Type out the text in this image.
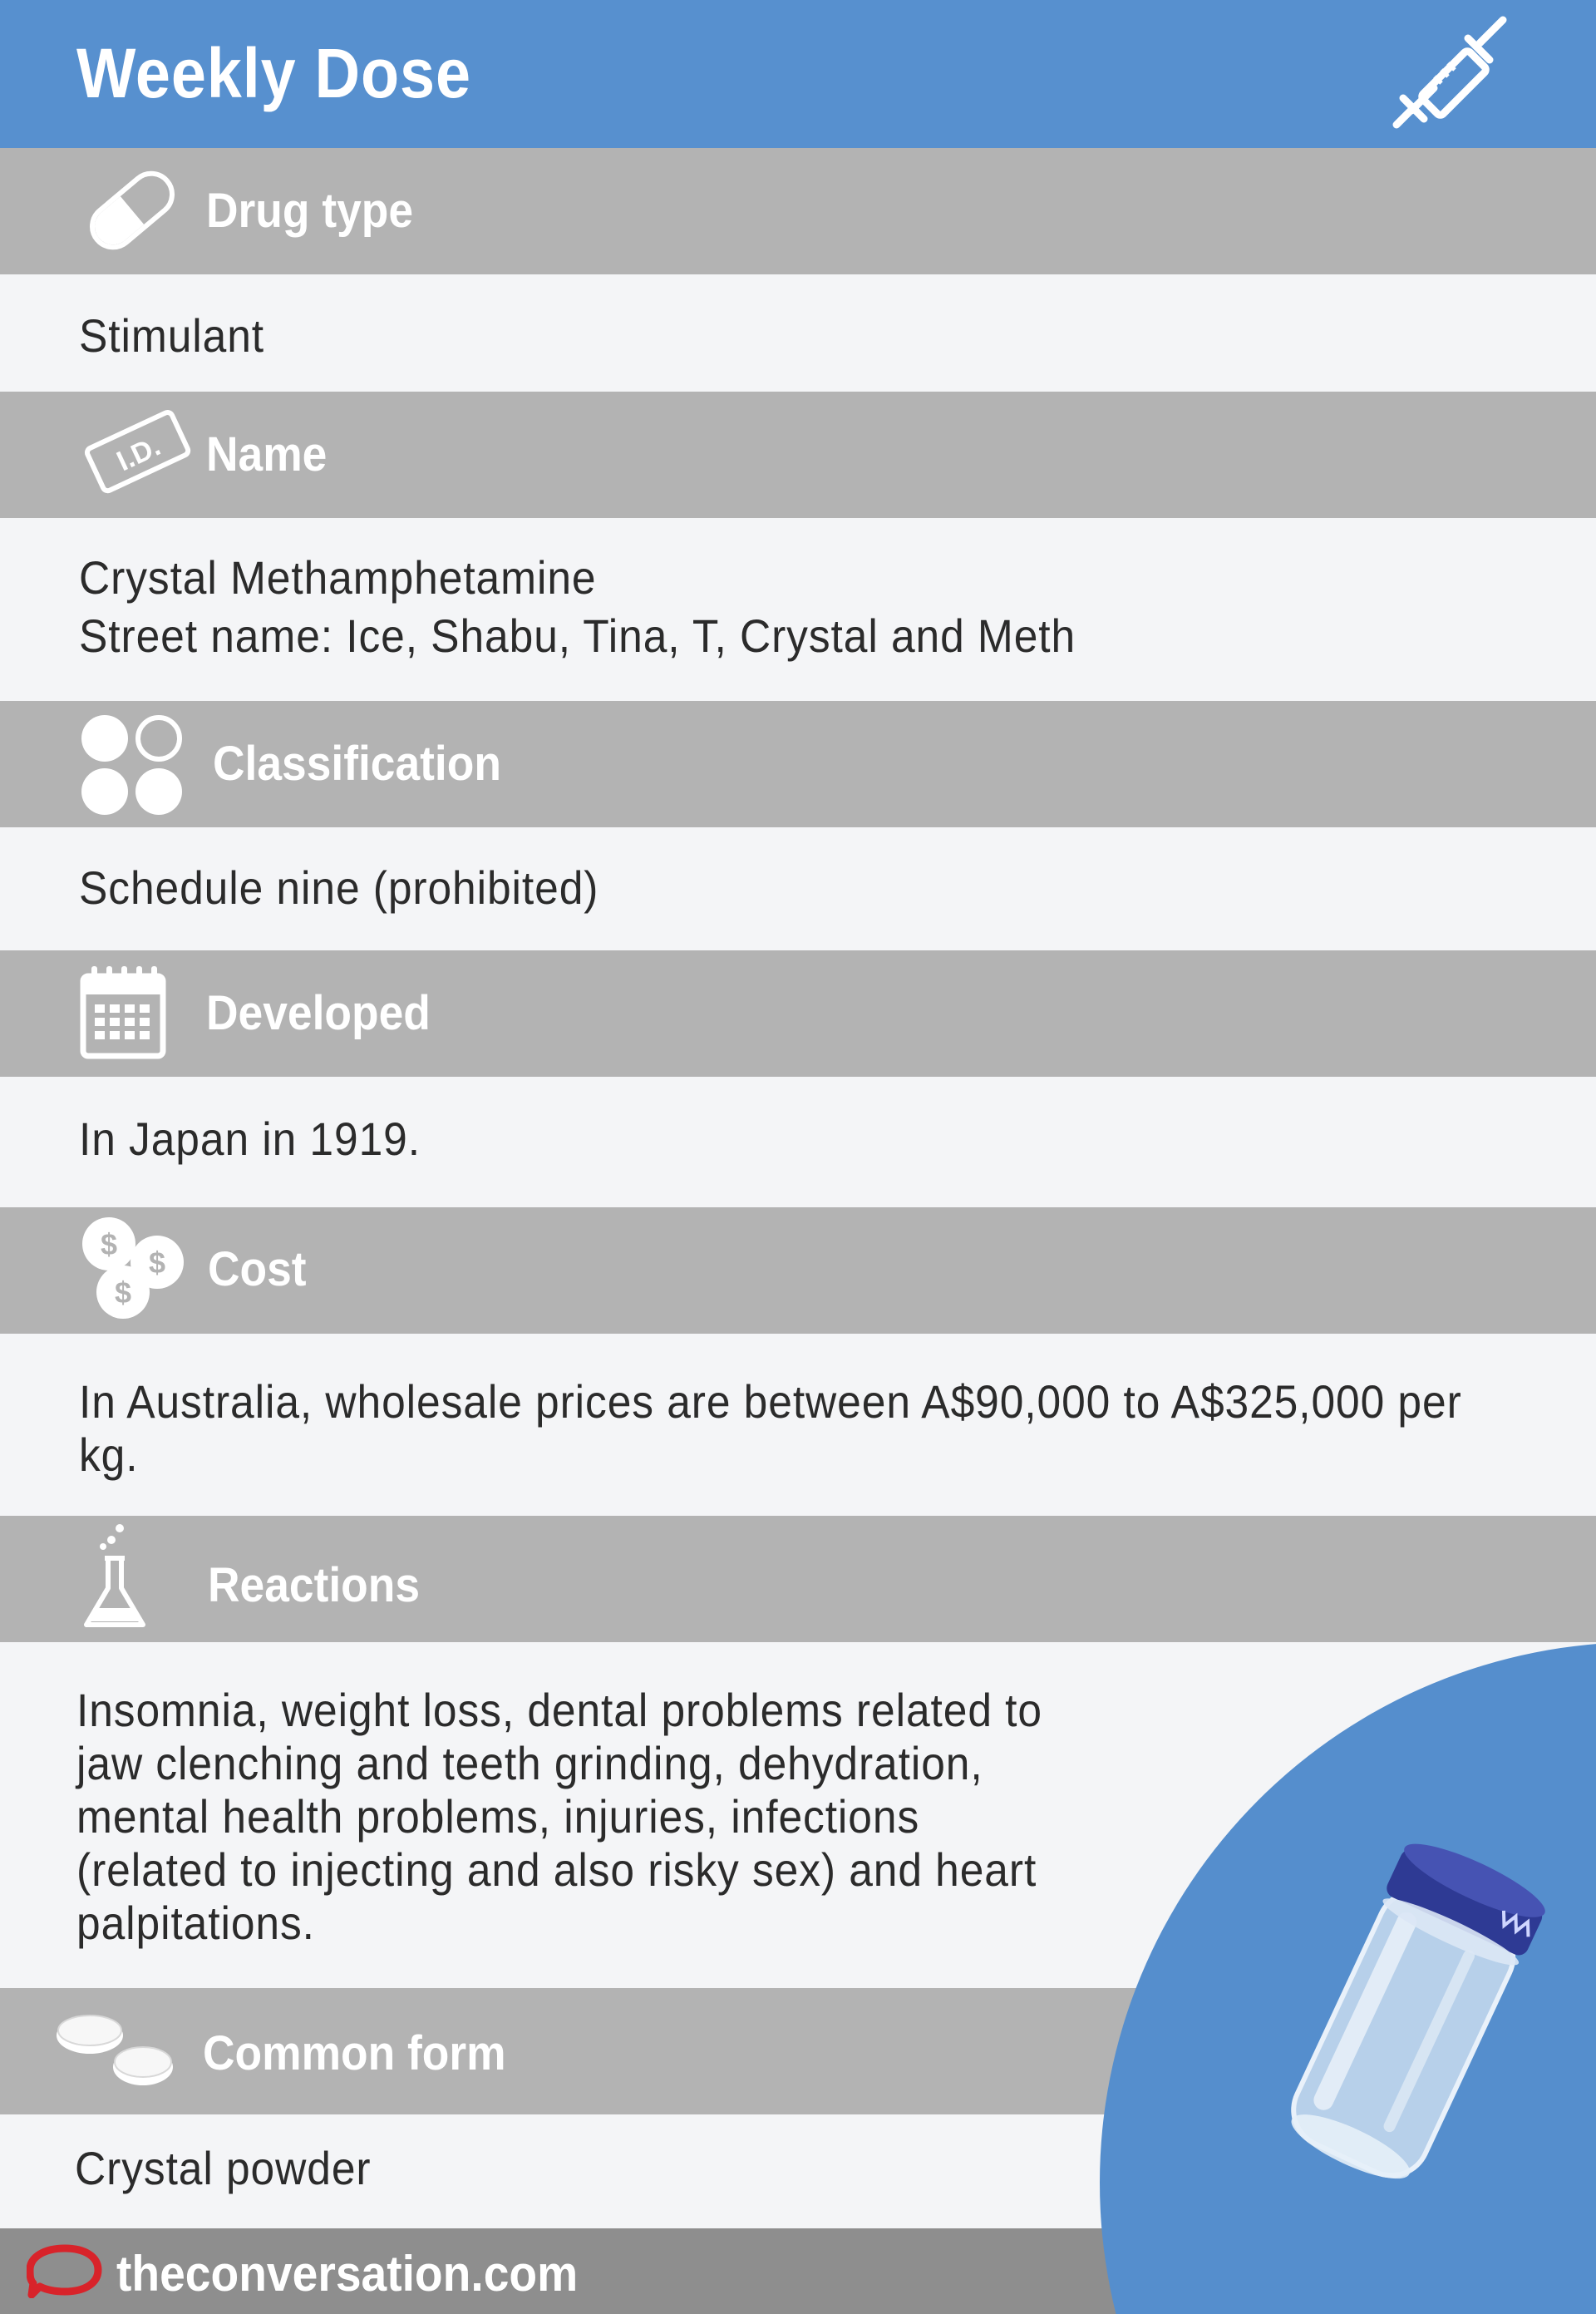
Weekly Dose
Drug type
Stimulant
I.D. Name
Crystal Methamphetamine
Street name: Ice, Shabu, Tina, T, Crystal and Meth
Classification
Schedule nine (prohibited)
Developed
In Japan in 1919.
$
$
$ Cost
In Australia, wholesale prices are between A$90,000 to A$325,000 per
kg.
Reactions
Insomnia, weight loss, dental problems related to
jaw clenching and teeth grinding, dehydration,
mental health problems, injuries, infections
(related to injecting and also risky sex) and heart
palpitations.
Common form
Crystal powder
theconversation.com
